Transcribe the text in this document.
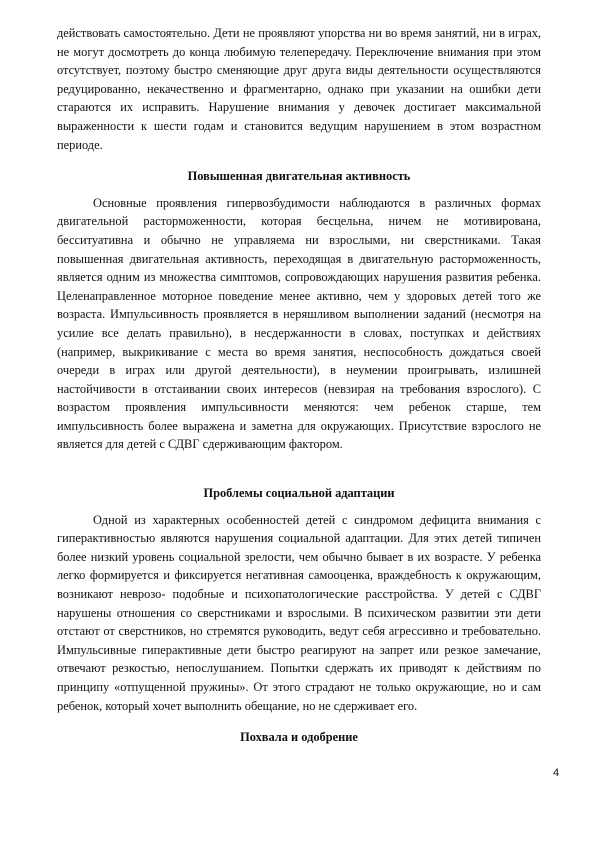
действовать самостоятельно. Дети не проявляют упорства ни во время занятий, ни в играх, не могут досмотреть до конца любимую телепередачу. Переключение внимания при этом отсутствует, поэтому быстро сменяющие друг друга виды деятельности осуществляются редуцированно, некачественно и фрагментарно, однако при указании на ошибки дети стараются их исправить. Нарушение внимания у девочек достигает максимальной выраженности к шести годам и становится ведущим нарушением в этом возрастном периоде.

Повышенная двигательная активность

Основные проявления гипервозбудимости наблюдаются в различных формах двигательной расторможенности, которая бесцельна, ничем не мотивирована, бесситуативна и обычно не управляема ни взрослыми, ни сверстниками. Такая повышенная двигательная активность, переходящая в двигательную расторможенность, является одним из множества симптомов, сопровождающих нарушения развития ребенка. Целенаправленное моторное поведение менее активно, чем у здоровых детей того же возраста. Импульсивность проявляется в неряшливом выполнении заданий (несмотря на усилие все делать правильно), в несдержанности в словах, поступках и действиях (например, выкрикивание с места во время занятия, неспособность дождаться своей очереди в играх или другой деятельности), в неумении проигрывать, излишней настойчивости в отстаивании своих интересов (невзирая на требования взрослого). С возрастом проявления импульсивности меняются: чем ребенок старше, тем импульсивность более выражена и заметна для окружающих. Присутствие взрослого не является для детей с СДВГ сдерживающим фактором.

Проблемы социальной адаптации

Одной из характерных особенностей детей с синдромом дефицита внимания с гиперактивностью являются нарушения социальной адаптации. Для этих детей типичен более низкий уровень социальной зрелости, чем обычно бывает в их возрасте. У ребенка легко формируется и фиксируется негативная самооценка, враждебность к окружающим, возникают неврозо- подобные и психопатологические расстройства. У детей с СДВГ нарушены отношения со сверстниками и взрослыми. В психическом развитии эти дети отстают от сверстников, но стремятся руководить, ведут себя агрессивно и требовательно. Импульсивные гиперактивные дети быстро реагируют на запрет или резкое замечание, отвечают резкостью, непослушанием. Попытки сдержать их приводят к действиям по принципу «отпущенной пружины». От этого страдают не только окружающие, но и сам ребенок, который хочет выполнить обещание, но не сдерживает его.

Похвала и одобрение
4
